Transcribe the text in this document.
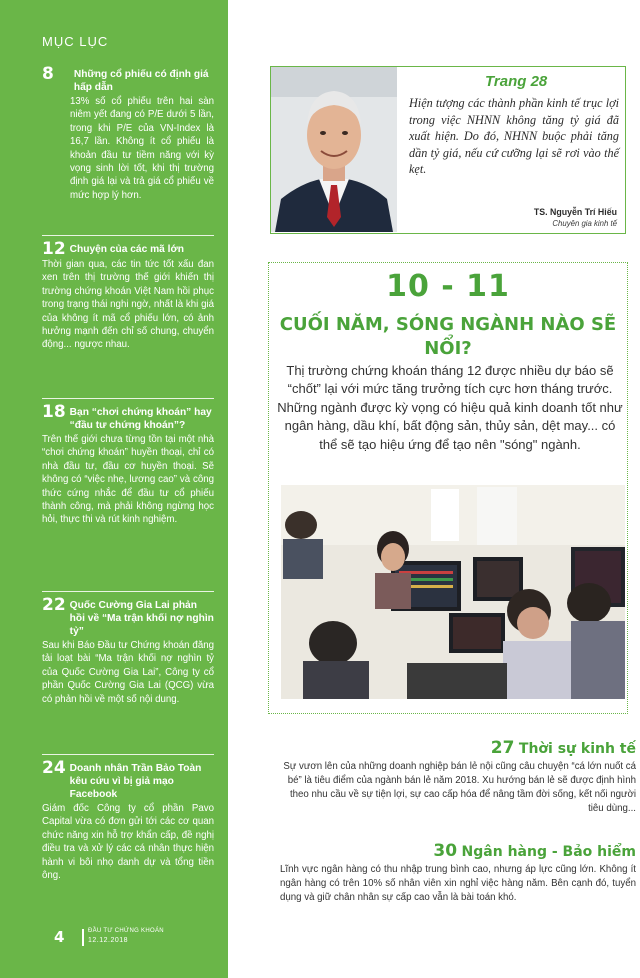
MỤC LỤC
8	Những cổ phiếu có định giá hấp dẫn
13% số cổ phiếu trên hai sàn niêm yết đang có P/E dưới 5 lần, trong khi P/E của VN-Index là 16,7 lần. Không ít cổ phiếu là khoản đầu tư tiềm năng với kỳ vọng sinh lời tốt, khi thị trường định giá lại và trả giá cổ phiếu về mức hợp lý hơn.
12 Chuyện của các mã lớn
Thời gian qua, các tin tức tốt xấu đan xen trên thị trường thế giới khiến thị trường chứng khoán Việt Nam hồi phục trong trạng thái nghi ngờ, nhất là khi giá của không ít mã cổ phiếu lớn, có ảnh hưởng mạnh đến chỉ số chung, chuyển động... ngược nhau.
18 Bạn “chơi chứng khoán” hay “đầu tư chứng khoán”?
Trên thế giới chưa từng tồn tại một nhà “chơi chứng khoán” huyền thoại, chỉ có nhà đầu tư, đầu cơ huyền thoại. Sẽ không có “việc nhẹ, lương cao” và công thức cứng nhắc để đầu tư cổ phiếu thành công, mà phải không ngừng học hỏi, thực thi và rút kinh nghiệm.
22 Quốc Cường Gia Lai phản hồi về “Ma trận khối nợ nghìn tỷ”
Sau khi Báo Đầu tư Chứng khoán đăng tải loạt bài “Ma trận khối nợ nghìn tỷ của Quốc Cường Gia Lai”, Công ty cổ phần Quốc Cường Gia Lai (QCG) vừa có phản hồi về một số nội dung.
24 Doanh nhân Trần Bảo Toàn kêu cứu vì bị giả mạo Facebook
Giám đốc Công ty cổ phần Pavo Capital vừa có đơn gửi tới các cơ quan chức năng xin hỗ trợ khẩn cấp, đề nghị điều tra và xử lý các cá nhân thực hiện hành vi bôi nhọ danh dự và tổng tiền ông.
4	ĐẦU TƯ CHỨNG KHOÁN
12.12.2018
Trang 28
Hiện tượng các thành phần kinh tế trục lợi trong việc NHNN không tăng tỷ giá đã xuất hiện. Do đó, NHNN buộc phải tăng dần tỷ giá, nếu cứ cưỡng lại sẽ rơi vào thế kẹt.
TS. Nguyễn Trí Hiếu
Chuyên gia kinh tế
10 - 11
CUỐI NĂM, SÓNG NGÀNH NÀO SẼ NỔI?
Thị trường chứng khoán tháng 12 được nhiều dự báo sẽ “chốt” lại với mức tăng trưởng tích cực hơn tháng trước. Những ngành được kỳ vọng có hiệu quả kinh doanh tốt như ngân hàng, dầu khí, bất động sản, thủy sản, dệt may... có thể sẽ tạo hiệu ứng để tạo nên "sóng" ngành.
27 Thời sự kinh tế
Sự vươn lên của những doanh nghiệp bán lẻ nội cũng câu chuyện “cá lớn nuốt cá bé” là tiêu điểm của ngành bán lẻ năm 2018. Xu hướng bán lẻ sẽ được định hình theo nhu cầu về sự tiện lợi, sự cao cấp hóa để nâng tầm đời sống, kết nối người tiêu dùng...
30 Ngân hàng - Bảo hiểm
Lĩnh vực ngân hàng có thu nhập trung bình cao, nhưng áp lực cũng lớn. Không ít ngân hàng có trên 10% số nhân viên xin nghỉ việc hàng năm. Bên cạnh đó, tuyển dụng và giữ chân nhân sự cấp cao vẫn là bài toán khó.
